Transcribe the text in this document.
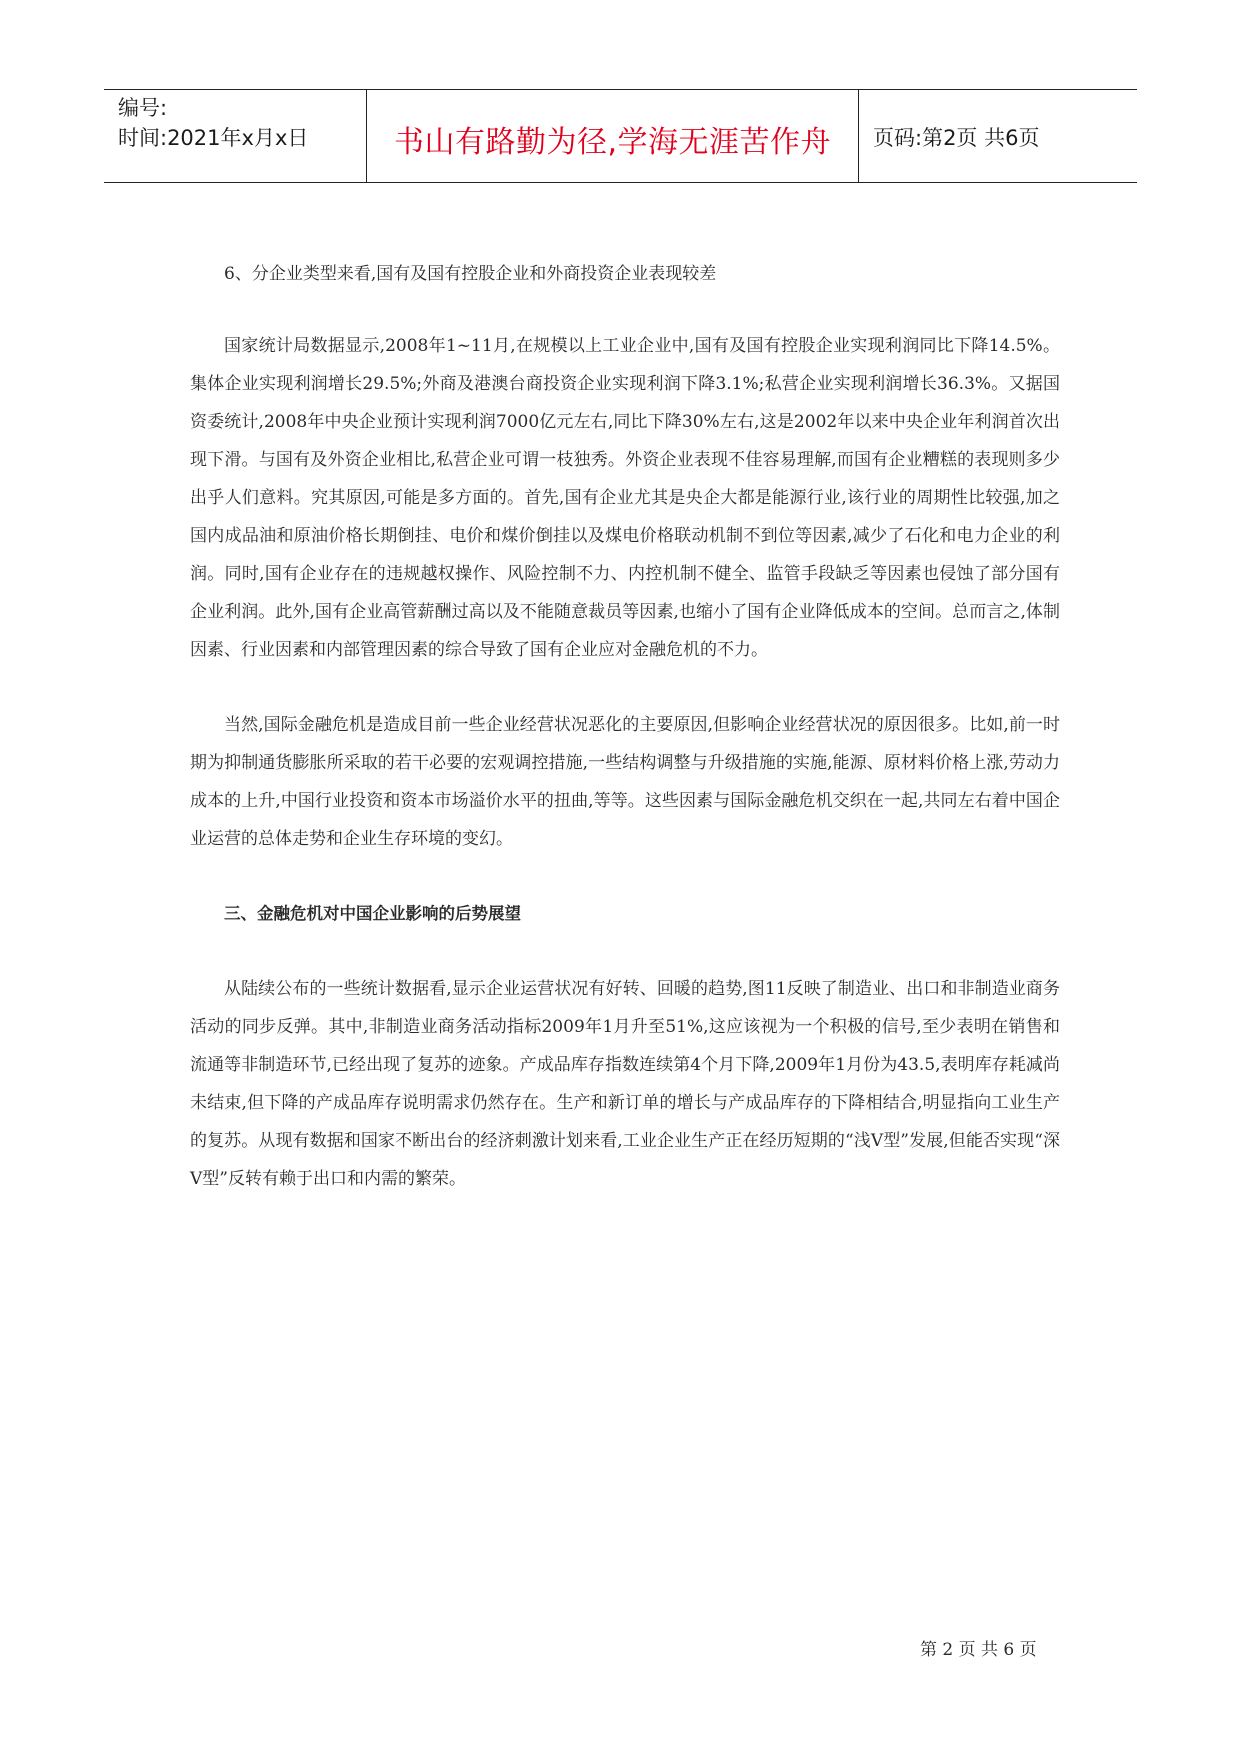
编号:
时间:2021年x月x日	书山有路勤为径,学海无涯苦作舟	页码:第2页 共6页

6、分企业类型来看,国有及国有控股企业和外商投资企业表现较差

国家统计局数据显示,2008年1~11月,在规模以上工业企业中,国有及国有控股企业实现利润同比下降14.5%。集体企业实现利润增长29.5%;外商及港澳台商投资企业实现利润下降3.1%;私营企业实现利润增长36.3%。又据国资委统计,2008年中央企业预计实现利润7000亿元左右,同比下降30%左右,这是2002年以来中央企业年利润首次出现下滑。与国有及外资企业相比,私营企业可谓一枝独秀。外资企业表现不佳容易理解,而国有企业糟糕的表现则多少出乎人们意料。究其原因,可能是多方面的。首先,国有企业尤其是央企大都是能源行业,该行业的周期性比较强,加之国内成品油和原油价格长期倒挂、电价和煤价倒挂以及煤电价格联动机制不到位等因素,减少了石化和电力企业的利润。同时,国有企业存在的违规越权操作、风险控制不力、内控机制不健全、监管手段缺乏等因素也侵蚀了部分国有企业利润。此外,国有企业高管薪酬过高以及不能随意裁员等因素,也缩小了国有企业降低成本的空间。总而言之,体制因素、行业因素和内部管理因素的综合导致了国有企业应对金融危机的不力。

当然,国际金融危机是造成目前一些企业经营状况恶化的主要原因,但影响企业经营状况的原因很多。比如,前一时期为抑制通货膨胀所采取的若干必要的宏观调控措施,一些结构调整与升级措施的实施,能源、原材料价格上涨,劳动力成本的上升,中国行业投资和资本市场溢价水平的扭曲,等等。这些因素与国际金融危机交织在一起,共同左右着中国企业运营的总体走势和企业生存环境的变幻。

三、金融危机对中国企业影响的后势展望

从陆续公布的一些统计数据看,显示企业运营状况有好转、回暖的趋势,图11反映了制造业、出口和非制造业商务活动的同步反弹。其中,非制造业商务活动指标2009年1月升至51%,这应该视为一个积极的信号,至少表明在销售和流通等非制造环节,已经出现了复苏的迹象。产成品库存指数连续第4个月下降,2009年1月份为43.5,表明库存耗减尚未结束,但下降的产成品库存说明需求仍然存在。生产和新订单的增长与产成品库存的下降相结合,明显指向工业生产的复苏。从现有数据和国家不断出台的经济刺激计划来看,工业企业生产正在经历短期的“浅V型”发展,但能否实现“深V型”反转有赖于出口和内需的繁荣。

第 2 页 共 6 页
